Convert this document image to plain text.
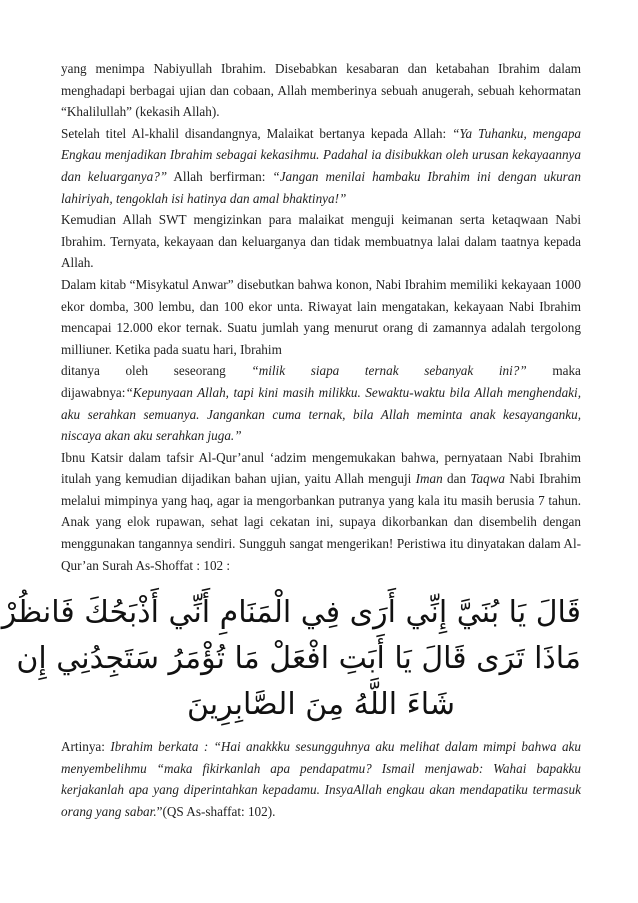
yang menimpa Nabiyullah Ibrahim. Disebabkan kesabaran dan ketabahan Ibrahim dalam menghadapi berbagai ujian dan cobaan, Allah memberinya sebuah anugerah, sebuah kehormatan “Khalilullah” (kekasih Allah).

Setelah titel Al-khalil disandangnya, Malaikat bertanya kepada Allah: “Ya Tuhanku, mengapa Engkau menjadikan Ibrahim sebagai kekasihmu. Padahal ia disibukkan oleh urusan kekayaannya dan keluarganya?” Allah berfirman: “Jangan menilai hambaku Ibrahim ini dengan ukuran lahiriyah, tengoklah isi hatinya dan amal bhaktinya!”

Kemudian Allah SWT mengizinkan para malaikat menguji keimanan serta ketaqwaan Nabi Ibrahim. Ternyata, kekayaan dan keluarganya dan tidak membuatnya lalai dalam taatnya kepada Allah.

Dalam kitab “Misykatul Anwar” disebutkan bahwa konon, Nabi Ibrahim memiliki kekayaan 1000 ekor domba, 300 lembu, dan 100 ekor unta. Riwayat lain mengatakan, kekayaan Nabi Ibrahim mencapai 12.000 ekor ternak. Suatu jumlah yang menurut orang di zamannya adalah tergolong milliuner. Ketika pada suatu hari, Ibrahim

ditanya oleh seseorang “milik siapa ternak sebanyak ini?” maka

dijawabnya:“Kepunyaan Allah, tapi kini masih milikku. Sewaktu-waktu bila Allah menghendaki, aku serahkan semuanya. Jangankan cuma ternak, bila Allah meminta anak kesayanganku, niscaya akan aku serahkan juga.”

Ibnu Katsir dalam tafsir Al-Qur’anul ‘adzim mengemukakan bahwa, pernyataan Nabi Ibrahim itulah yang kemudian dijadikan bahan ujian, yaitu Allah menguji Iman dan Taqwa Nabi Ibrahim melalui mimpinya yang haq, agar ia mengorbankan putranya yang kala itu masih berusia 7 tahun. Anak yang elok rupawan, sehat lagi cekatan ini, supaya dikorbankan dan disembelih dengan menggunakan tangannya sendiri. Sungguh sangat mengerikan! Peristiwa itu dinyatakan dalam Al-Qur’an Surah As-Shoffat : 102 :

قَالَ يَا بُنَيَّ إِنِّي أَرَى فِي الْمَنَامِ أَنِّي أَذْبَحُكَ فَانظُرْ
مَاذَا تَرَى قَالَ يَا أَبَتِ افْعَلْ مَا تُؤْمَرُ سَتَجِدُنِي إِن
شَاءَ اللَّهُ مِنَ الصَّابِرِينَ

Artinya: Ibrahim berkata : “Hai anakkku sesungguhnya aku melihat dalam mimpi bahwa aku menyembelihmu “maka fikirkanlah apa pendapatmu? Ismail menjawab: Wahai bapakku kerjakanlah apa yang diperintahkan kepadamu. InsyaAllah engkau akan mendapatiku termasuk orang yang sabar.”(QS As-shaffat: 102).
